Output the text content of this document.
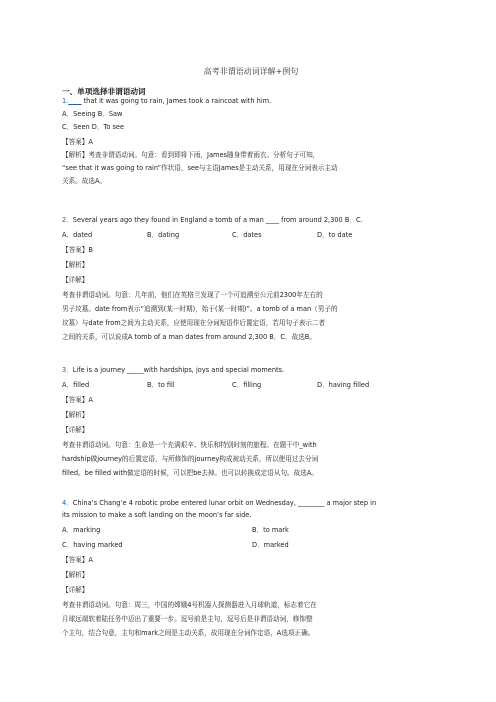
高考非谓语动词详解+例句
一、单项选择非谓语动词
1.____ that it was going to rain, James took a raincoat with him.
A．Seeing B．Saw
C．Seen D．To see
【答案】A
【解析】考查非谓语动词。句意：看到即将下雨，James随身带着雨衣。分析句子可知，
“see that it was going to rain”作状语，see与主语James是主动关系，用现在分词表示主动
关系。故选A。
2．Several years ago they found in England a tomb of a man ____ from around 2,300 B．C.
A．dated	B．dating	C．dates	D．to date
【答案】B
【解析】
【详解】
考查非谓语动词。句意：几年前，他们在英格兰发现了一个可追溯至公元前2300年左右的
男子坟墓。date from表示“追溯到(某一时期)，始于(某一时期)”。a tomb of a man（男子的
坟墓）与date from之间为主动关系，应使用现在分词短语作后置定语，若用句子表示二者
之间的关系，可以说成A tomb of a man dates from around 2,300 B．C．故选B。
3．Life is a journey _____with hardships, joys and special moments.
A．filled	B．to fill	C．filling	D．having filled
【答案】A
【解析】
【详解】
考查非谓语动词。句意：生命是一个充满艰辛、快乐和特别时刻的旅程。在题干中_with
hardship做journey的后置定语，与所修饰的journey构成被动关系，所以使用过去分词
filled。be filled with做定语的时候，可以把be去掉。也可以转换成定语从句。故选A。
4．China’s Chang’e 4 robotic probe entered lunar orbit on Wednesday, ________ a major step in
its mission to make a soft landing on the moon’s far side.
A．marking	B．to mark
C．having marked	D．marked
【答案】A
【解析】
【详解】
考查非谓语动词。句意：周三，中国的嫦娥4号机器人探测器进入月球轨道，标志着它在
月球远端软着陆任务中迈出了重要一步。逗号前是主句，逗号后是非谓语动词，修饰整
个主句，结合句意，主句和mark之间是主动关系，故用现在分词作定语，A选项正确。
